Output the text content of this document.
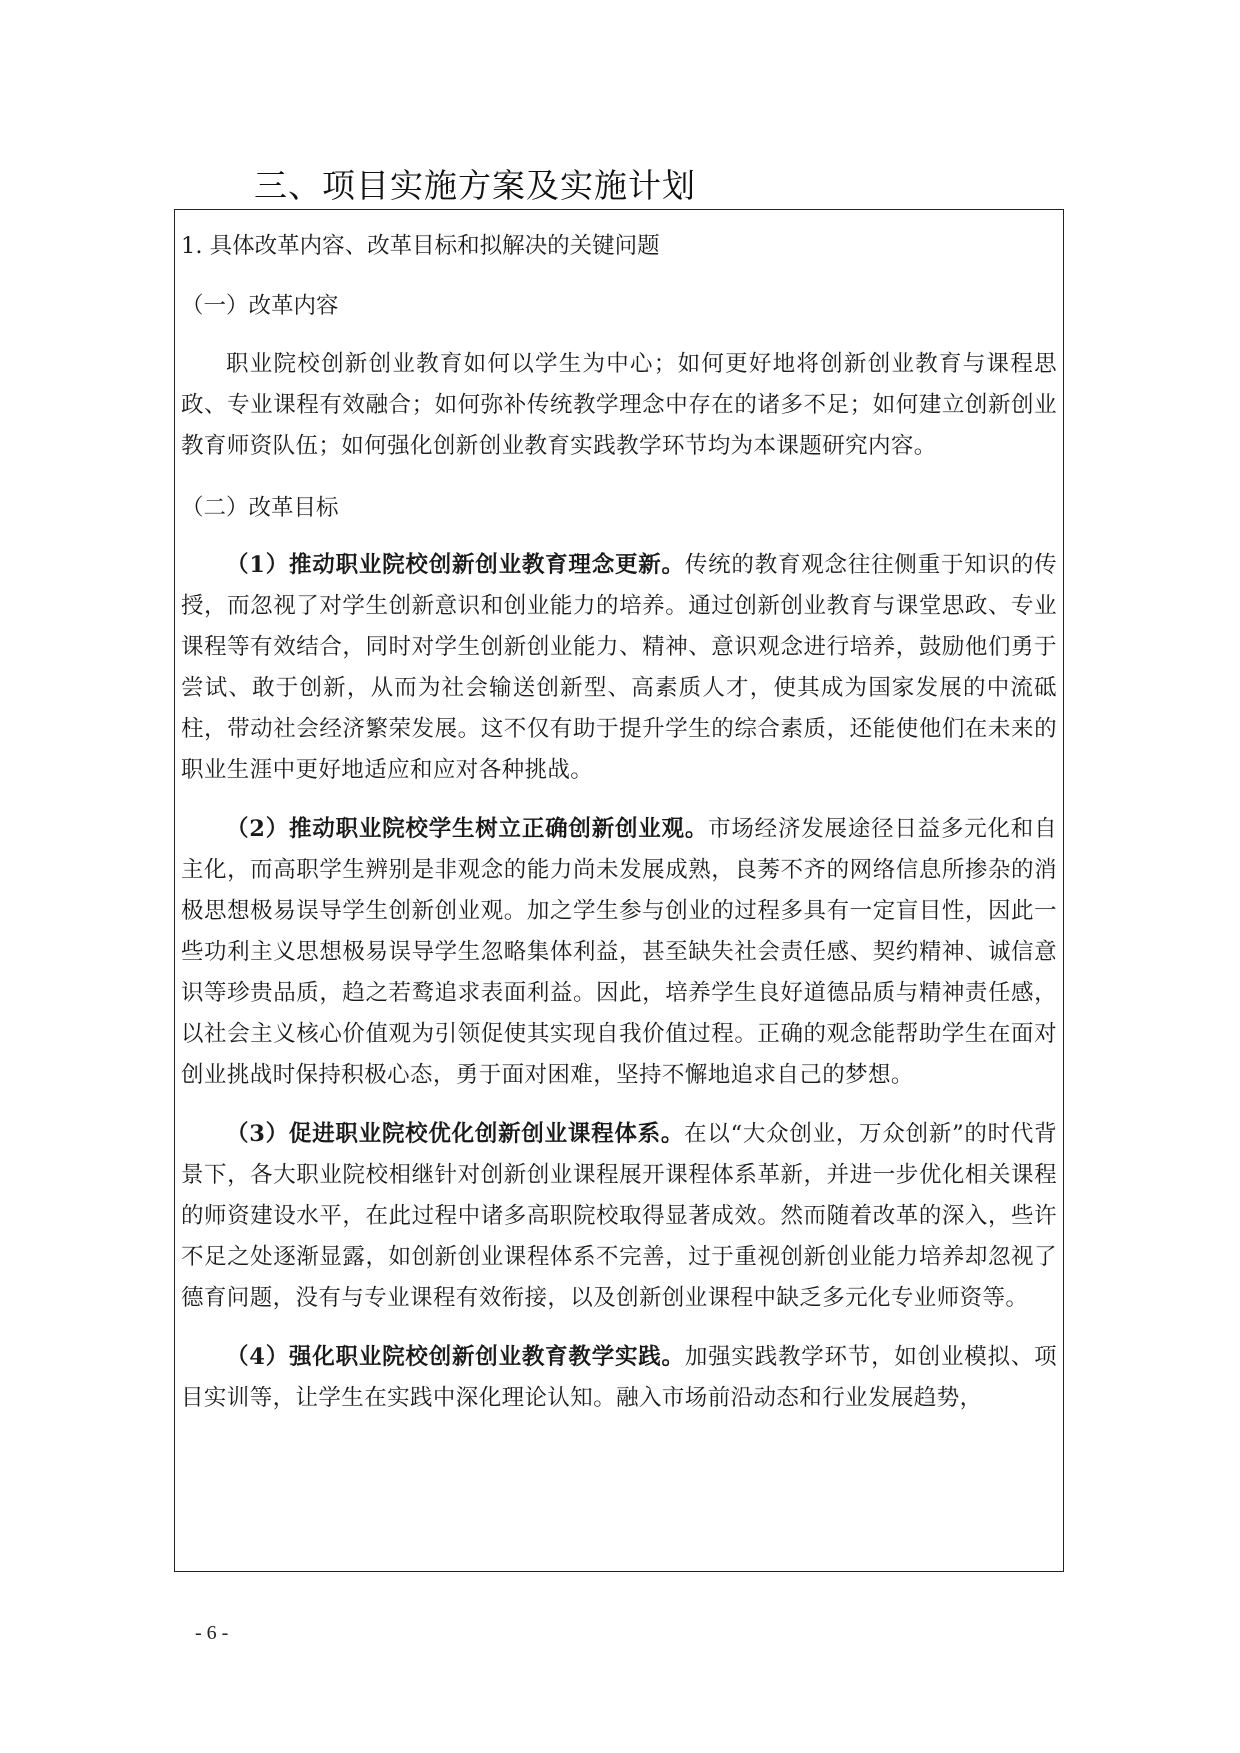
三、项目实施方案及实施计划

1. 具体改革内容、改革目标和拟解决的关键问题

（一）改革内容

职业院校创新创业教育如何以学生为中心；如何更好地将创新创业教育与课程思政、专业课程有效融合；如何弥补传统教学理念中存在的诸多不足；如何建立创新创业教育师资队伍；如何强化创新创业教育实践教学环节均为本课题研究内容。

（二）改革目标

（1）推动职业院校创新创业教育理念更新。传统的教育观念往往侧重于知识的传授，而忽视了对学生创新意识和创业能力的培养。通过创新创业教育与课堂思政、专业课程等有效结合，同时对学生创新创业能力、精神、意识观念进行培养，鼓励他们勇于尝试、敢于创新，从而为社会输送创新型、高素质人才，使其成为国家发展的中流砥柱，带动社会经济繁荣发展。这不仅有助于提升学生的综合素质，还能使他们在未来的职业生涯中更好地适应和应对各种挑战。

（2）推动职业院校学生树立正确创新创业观。市场经济发展途径日益多元化和自主化，而高职学生辨别是非观念的能力尚未发展成熟，良莠不齐的网络信息所掺杂的消极思想极易误导学生创新创业观。加之学生参与创业的过程多具有一定盲目性，因此一些功利主义思想极易误导学生忽略集体利益，甚至缺失社会责任感、契约精神、诚信意识等珍贵品质，趋之若鹜追求表面利益。因此，培养学生良好道德品质与精神责任感，以社会主义核心价值观为引领促使其实现自我价值过程。正确的观念能帮助学生在面对创业挑战时保持积极心态，勇于面对困难，坚持不懈地追求自己的梦想。

（3）促进职业院校优化创新创业课程体系。在以“大众创业，万众创新”的时代背景下，各大职业院校相继针对创新创业课程展开课程体系革新，并进一步优化相关课程的师资建设水平，在此过程中诸多高职院校取得显著成效。然而随着改革的深入，些许不足之处逐渐显露，如创新创业课程体系不完善，过于重视创新创业能力培养却忽视了德育问题，没有与专业课程有效衔接，以及创新创业课程中缺乏多元化专业师资等。

（4）强化职业院校创新创业教育教学实践。加强实践教学环节，如创业模拟、项目实训等，让学生在实践中深化理论认知。融入市场前沿动态和行业发展趋势，

- 6 -
